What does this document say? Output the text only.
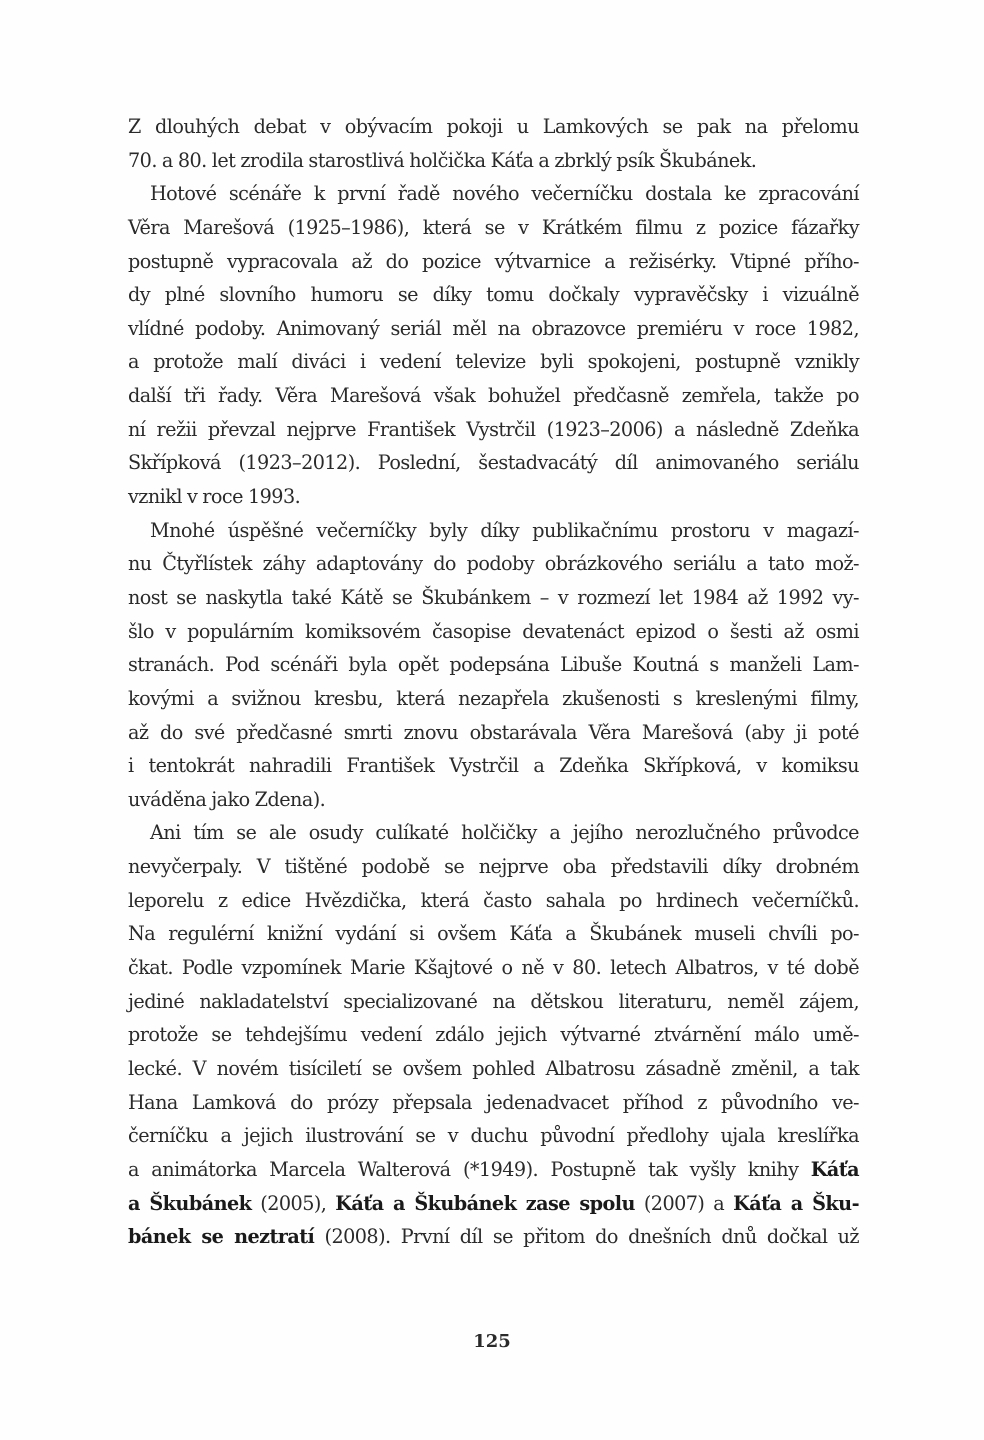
Z dlouhých debat v obývacím pokoji u Lamkových se pak na přelomu
70. a 80. let zrodila starostlivá holčička Káťa a zbrklý psík Škubánek.
Hotové scénáře k první řadě nového večerníčku dostala ke zpracování
Věra Marešová (1925–1986), která se v Krátkém filmu z pozice fázařky
postupně vypracovala až do pozice výtvarnice a režisérky. Vtipné přího-
dy plné slovního humoru se díky tomu dočkaly vypravěčsky i vizuálně
vlídné podoby. Animovaný seriál měl na obrazovce premiéru v roce 1982,
a protože malí diváci i vedení televize byli spokojeni, postupně vznikly
další tři řady. Věra Marešová však bohužel předčasně zemřela, takže po
ní režii převzal nejprve František Vystrčil (1923–2006) a následně Zdeňka
Skřípková (1923–2012). Poslední, šestadvacátý díl animovaného seriálu
vznikl v roce 1993.
Mnohé úspěšné večerníčky byly díky publikačnímu prostoru v magazí-
nu Čtyřlístek záhy adaptovány do podoby obrázkového seriálu a tato mož-
nost se naskytla také Kátě se Škubánkem – v rozmezí let 1984 až 1992 vy-
šlo v populárním komiksovém časopise devatenáct epizod o šesti až osmi
stranách. Pod scénáři byla opět podepsána Libuše Koutná s manželi Lam-
kovými a svižnou kresbu, která nezapřela zkušenosti s kreslenými filmy,
až do své předčasné smrti znovu obstarávala Věra Marešová (aby ji poté
i tentokrát nahradili František Vystrčil a Zdeňka Skřípková, v komiksu
uváděna jako Zdena).
Ani tím se ale osudy culíkaté holčičky a jejího nerozlučného průvodce
nevyčerpaly. V tištěné podobě se nejprve oba představili díky drobném
leporelu z edice Hvězdička, která často sahala po hrdinech večerníčků.
Na regulérní knižní vydání si ovšem Káťa a Škubánek museli chvíli po-
čkat. Podle vzpomínek Marie Kšajtové o ně v 80. letech Albatros, v té době
jediné nakladatelství specializované na dětskou literaturu, neměl zájem,
protože se tehdejšímu vedení zdálo jejich výtvarné ztvárnění málo umě-
lecké. V novém tisíciletí se ovšem pohled Albatrosu zásadně změnil, a tak
Hana Lamková do prózy přepsala jedenadvacet příhod z původního ve-
černíčku a jejich ilustrování se v duchu původní předlohy ujala kreslířka
a animátorka Marcela Walterová (*1949). Postupně tak vyšly knihy Káťa
a Škubánek (2005), Káťa a Škubánek zase spolu (2007) a Káťa a Šku-
bánek se neztratí (2008). První díl se přitom do dnešních dnů dočkal už
125
